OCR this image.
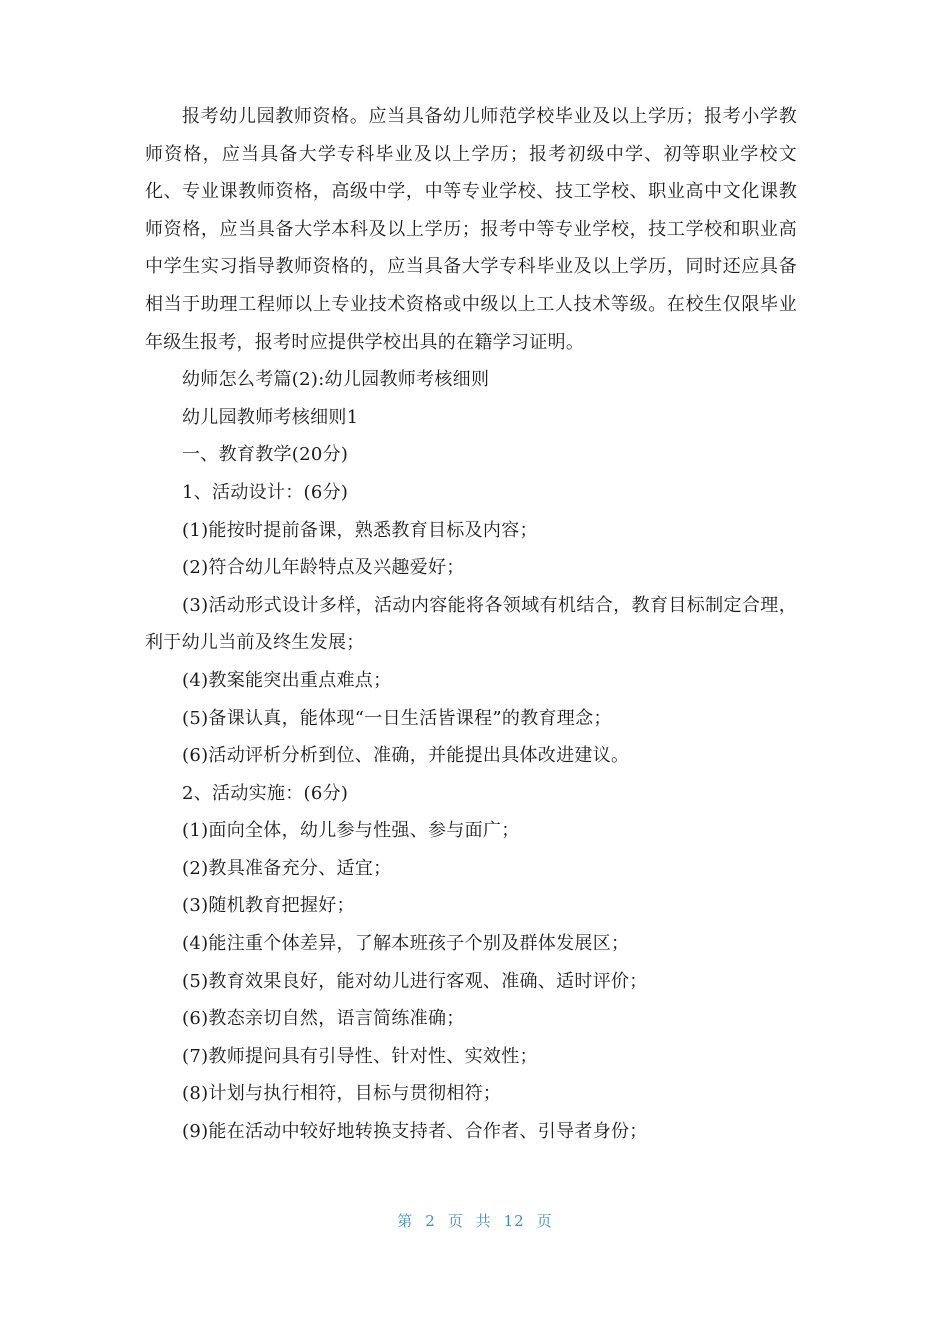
报考幼儿园教师资格。应当具备幼儿师范学校毕业及以上学历；报考小学教师资格，应当具备大学专科毕业及以上学历；报考初级中学、初等职业学校文化、专业课教师资格，高级中学，中等专业学校、技工学校、职业高中文化课教师资格，应当具备大学本科及以上学历；报考中等专业学校，技工学校和职业高中学生实习指导教师资格的，应当具备大学专科毕业及以上学历，同时还应具备相当于助理工程师以上专业技术资格或中级以上工人技术等级。在校生仅限毕业年级生报考，报考时应提供学校出具的在籍学习证明。

幼师怎么考篇(2):幼儿园教师考核细则

幼儿园教师考核细则1

一、教育教学(20分)

1、活动设计：(6分)

(1)能按时提前备课，熟悉教育目标及内容；

(2)符合幼儿年龄特点及兴趣爱好；

(3)活动形式设计多样，活动内容能将各领域有机结合，教育目标制定合理，利于幼儿当前及终生发展；

(4)教案能突出重点难点；

(5)备课认真，能体现“一日生活皆课程”的教育理念；

(6)活动评析分析到位、准确，并能提出具体改进建议。

2、活动实施：(6分)

(1)面向全体，幼儿参与性强、参与面广；

(2)教具准备充分、适宜；

(3)随机教育把握好；

(4)能注重个体差异，了解本班孩子个别及群体发展区；

(5)教育效果良好，能对幼儿进行客观、准确、适时评价；

(6)教态亲切自然，语言简练准确；

(7)教师提问具有引导性、针对性、实效性；

(8)计划与执行相符，目标与贯彻相符；

(9)能在活动中较好地转换支持者、合作者、引导者身份；

第 2 页 共 12 页
